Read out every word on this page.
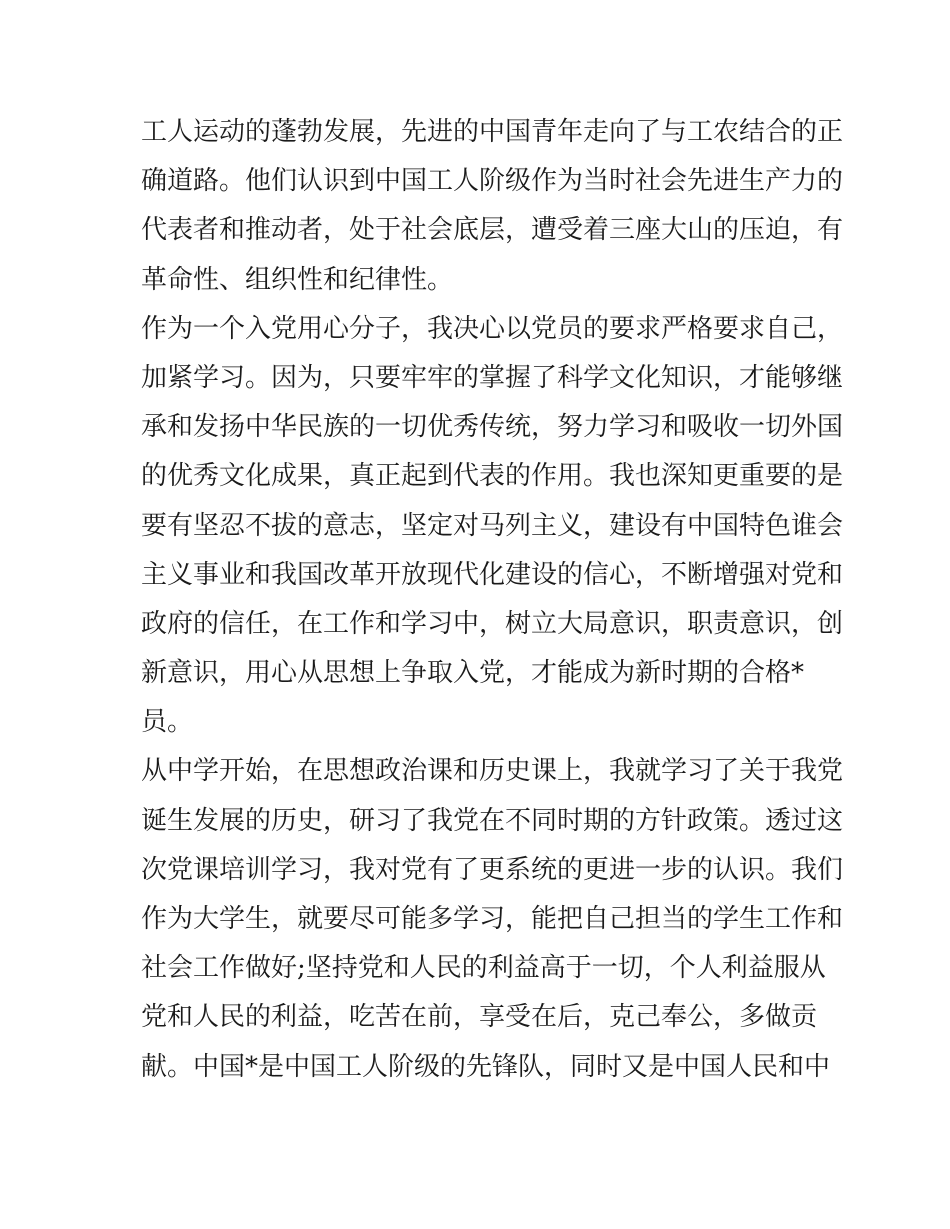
工人运动的蓬勃发展，先进的中国青年走向了与工农结合的正
确道路。他们认识到中国工人阶级作为当时社会先进生产力的
代表者和推动者，处于社会底层，遭受着三座大山的压迫，有
革命性、组织性和纪律性。
作为一个入党用心分子，我决心以党员的要求严格要求自己，
加紧学习。因为，只要牢牢的掌握了科学文化知识，才能够继
承和发扬中华民族的一切优秀传统，努力学习和吸收一切外国
的优秀文化成果，真正起到代表的作用。我也深知更重要的是
要有坚忍不拔的意志，坚定对马列主义，建设有中国特色谁会
主义事业和我国改革开放现代化建设的信心，不断增强对党和
政府的信任，在工作和学习中，树立大局意识，职责意识，创
新意识，用心从思想上争取入党，才能成为新时期的合格*
员。
从中学开始，在思想政治课和历史课上，我就学习了关于我党
诞生发展的历史，研习了我党在不同时期的方针政策。透过这
次党课培训学习，我对党有了更系统的更进一步的认识。我们
作为大学生，就要尽可能多学习，能把自己担当的学生工作和
社会工作做好;坚持党和人民的利益高于一切，个人利益服从
党和人民的利益，吃苦在前，享受在后，克己奉公，多做贡
献。中国*是中国工人阶级的先锋队，同时又是中国人民和中
